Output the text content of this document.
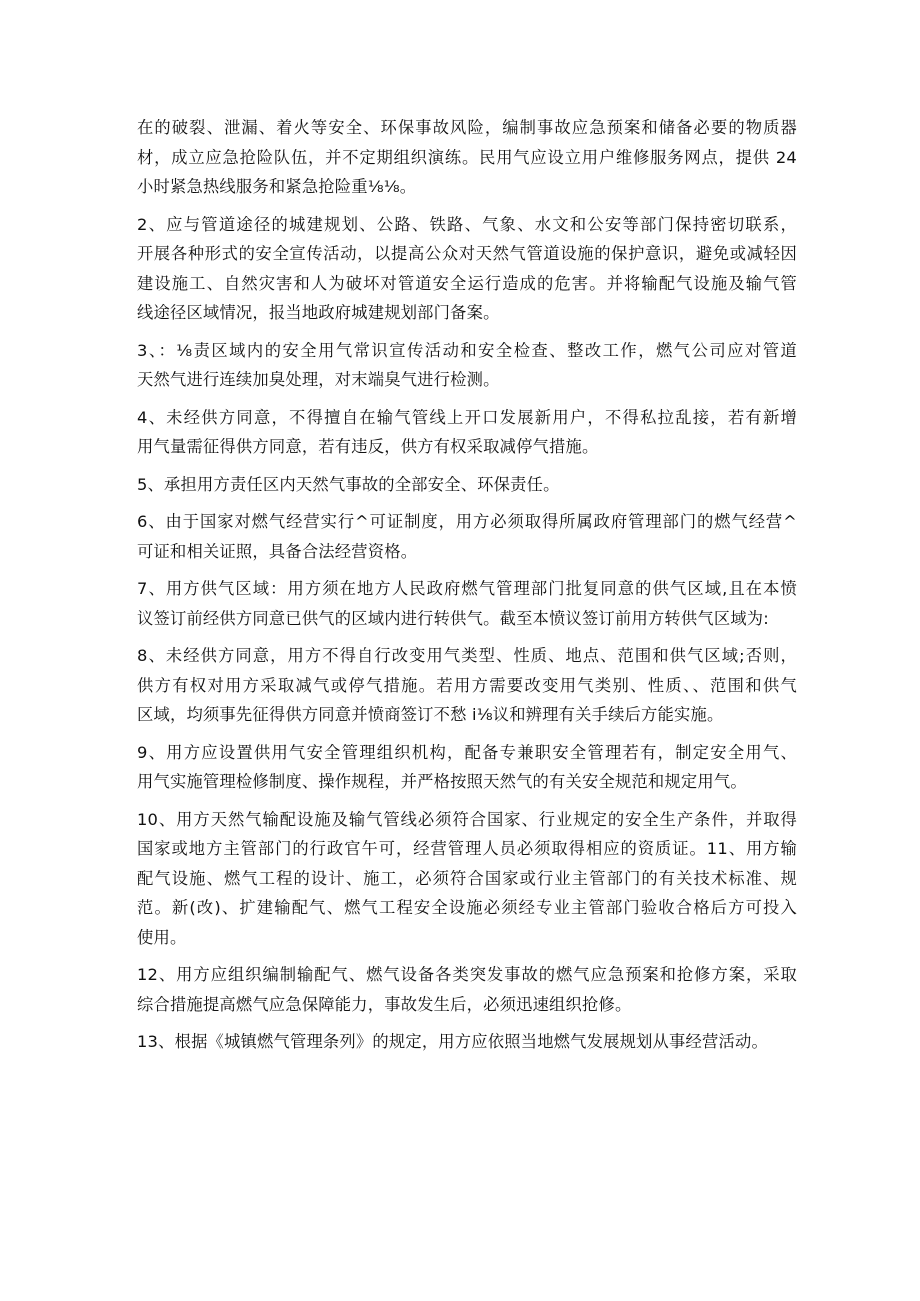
在的破裂、泄漏、着火等安全、环保事故风险，编制事故应急预案和储备必要的物质器
材，成立应急抢险队伍，并不定期组织演练。民用气应设立用户维修服务网点，提供 24
小时紧急热线服务和紧急抢险重⅛⅛。

2、应与管道途径的城建规划、公路、铁路、气象、水文和公安等部门保持密切联系，
开展各种形式的安全宣传活动，以提高公众对天然气管道设施的保护意识，避免或减轻因
建设施工、自然灾害和人为破坏对管道安全运行造成的危害。并将输配气设施及输气管
线途径区域情况，报当地政府城建规划部门备案。

3、：⅛责区域内的安全用气常识宣传活动和安全检查、整改工作，燃气公司应对管道
天然气进行连续加臭处理，对末端臭气进行检测。

4、未经供方同意，不得擅自在输气管线上开口发展新用户，不得私拉乱接，若有新增
用气量需征得供方同意，若有违反，供方有权采取减停气措施。

5、承担用方责任区内天然气事故的全部安全、环保责任。

6、由于国家对燃气经营实行^可证制度，用方必须取得所属政府管理部门的燃气经营^
可证和相关证照，具备合法经营资格。

7、用方供气区域：用方须在地方人民政府燃气管理部门批复同意的供气区域,且在本愤
议签订前经供方同意已供气的区域内进行转供气。截至本愤议签订前用方转供气区域为:

8、未经供方同意，用方不得自行改变用气类型、性质、地点、范围和供气区域;否则，
供方有权对用方采取减气或停气措施。若用方需要改变用气类别、性质、、范围和供气
区域，均须事先征得供方同意并愤商签订不愁 i⅛议和辨理有关手续后方能实施。

9、用方应设置供用气安全管理组织机构，配备专兼职安全管理若有，制定安全用气、
用气实施管理检修制度、操作规程，并严格按照天然气的有关安全规范和规定用气。

10、用方天然气输配设施及输气管线必须符合国家、行业规定的安全生产条件，并取得
国家或地方主管部门的行政官午可，经营管理人员必须取得相应的资质证。11、用方输
配气设施、燃气工程的设计、施工，必须符合国家或行业主管部门的有关技术标准、规
范。新(改)、扩建输配气、燃气工程安全设施必须经专业主管部门验收合格后方可投入
使用。

12、用方应组织编制输配气、燃气设备各类突发事故的燃气应急预案和抢修方案，采取
综合措施提高燃气应急保障能力，事故发生后，必须迅速组织抢修。

13、根据《城镇燃气管理条列》的规定，用方应依照当地燃气发展规划从事经营活动。
